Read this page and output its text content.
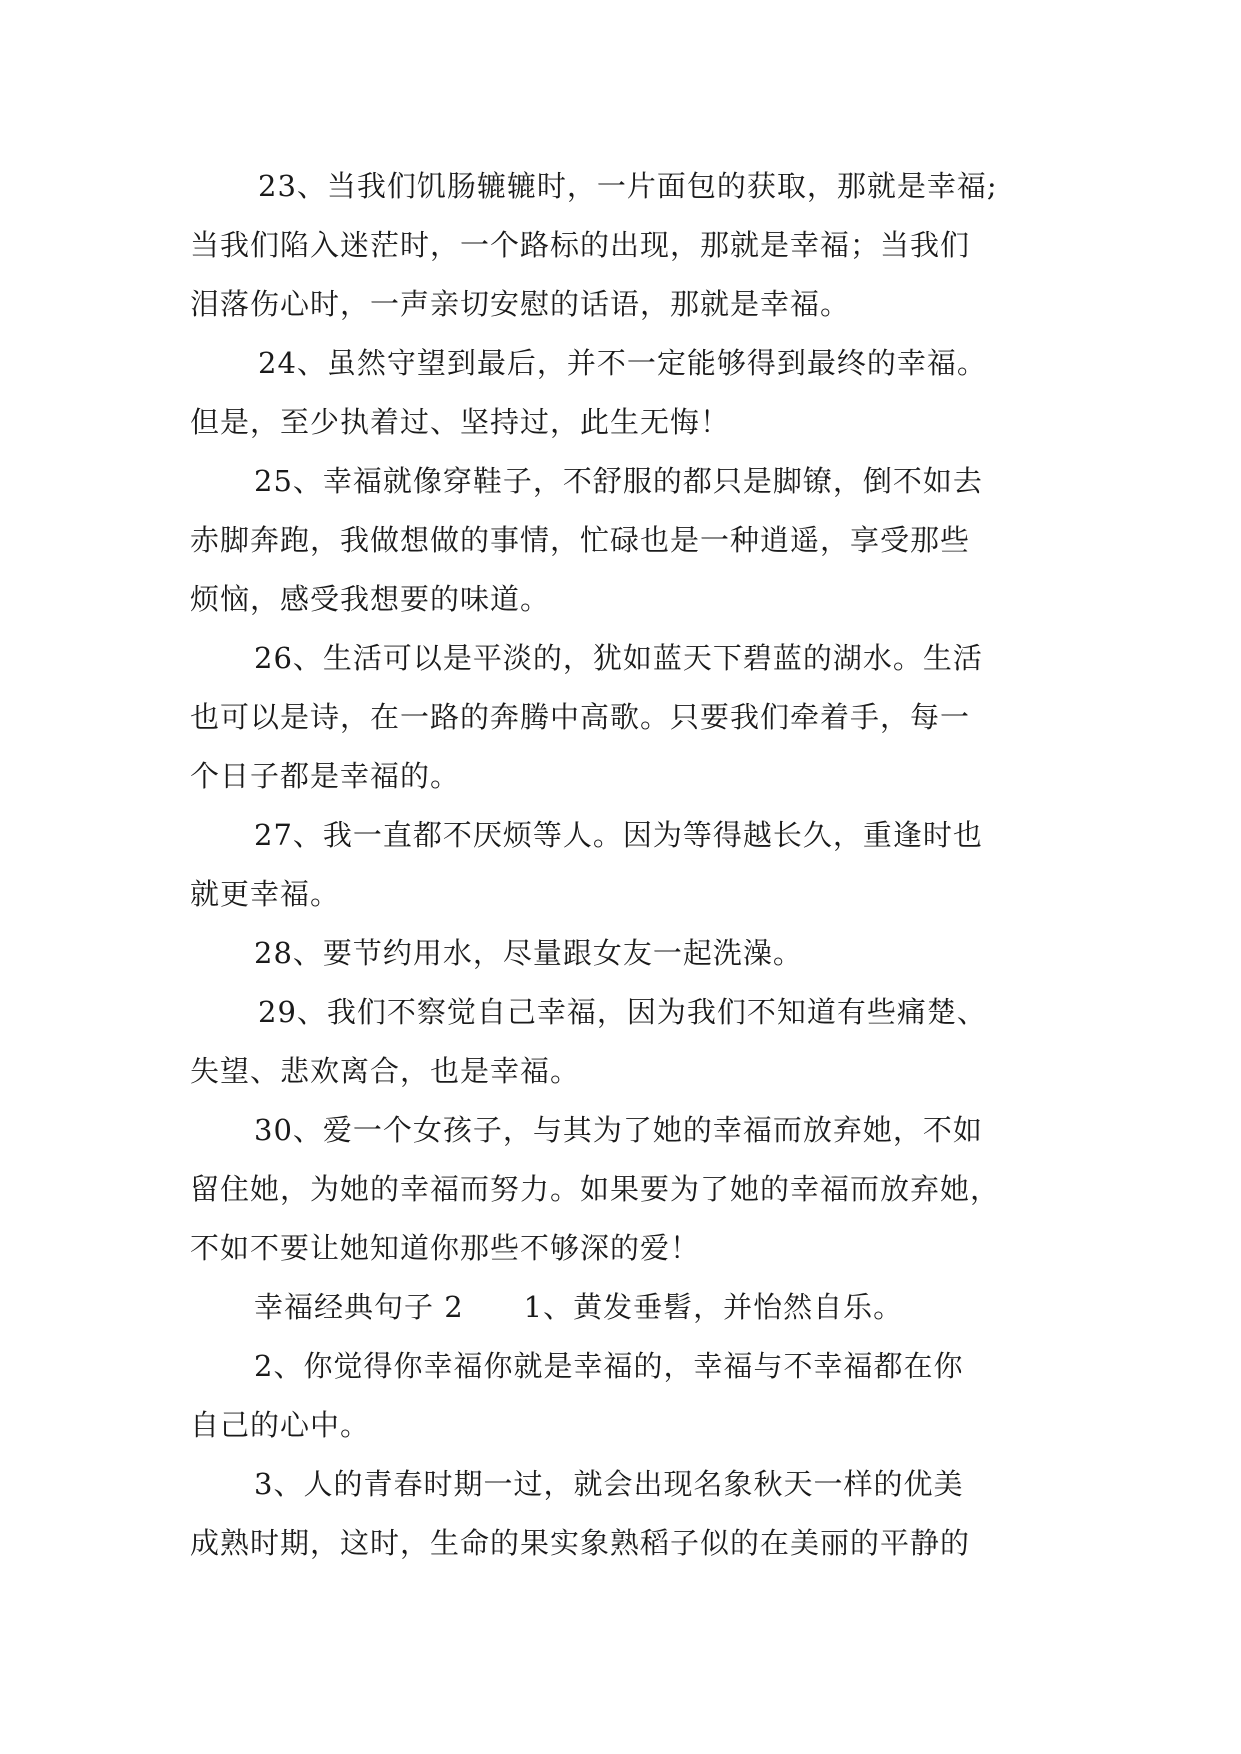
23、当我们饥肠辘辘时，一片面包的获取，那就是幸福;
当我们陷入迷茫时，一个路标的出现，那就是幸福；当我们
泪落伤心时，一声亲切安慰的话语，那就是幸福。
24、虽然守望到最后，并不一定能够得到最终的幸福。
但是，至少执着过、坚持过，此生无悔！
25、幸福就像穿鞋子，不舒服的都只是脚镣，倒不如去
赤脚奔跑，我做想做的事情，忙碌也是一种逍遥，享受那些
烦恼，感受我想要的味道。
26、生活可以是平淡的，犹如蓝天下碧蓝的湖水。生活
也可以是诗，在一路的奔腾中高歌。只要我们牵着手，每一
个日子都是幸福的。
27、我一直都不厌烦等人。因为等得越长久，重逢时也
就更幸福。
28、要节约用水，尽量跟女友一起洗澡。
29、我们不察觉自己幸福，因为我们不知道有些痛楚、
失望、悲欢离合，也是幸福。
30、爱一个女孩子，与其为了她的幸福而放弃她，不如
留住她，为她的幸福而努力。如果要为了她的幸福而放弃她，
不如不要让她知道你那些不够深的爱！
幸福经典句子 2　　1、黄发垂髫，并怡然自乐。
2、你觉得你幸福你就是幸福的，幸福与不幸福都在你
自己的心中。
3、人的青春时期一过，就会出现名象秋天一样的优美
成熟时期，这时，生命的果实象熟稻子似的在美丽的平静的
